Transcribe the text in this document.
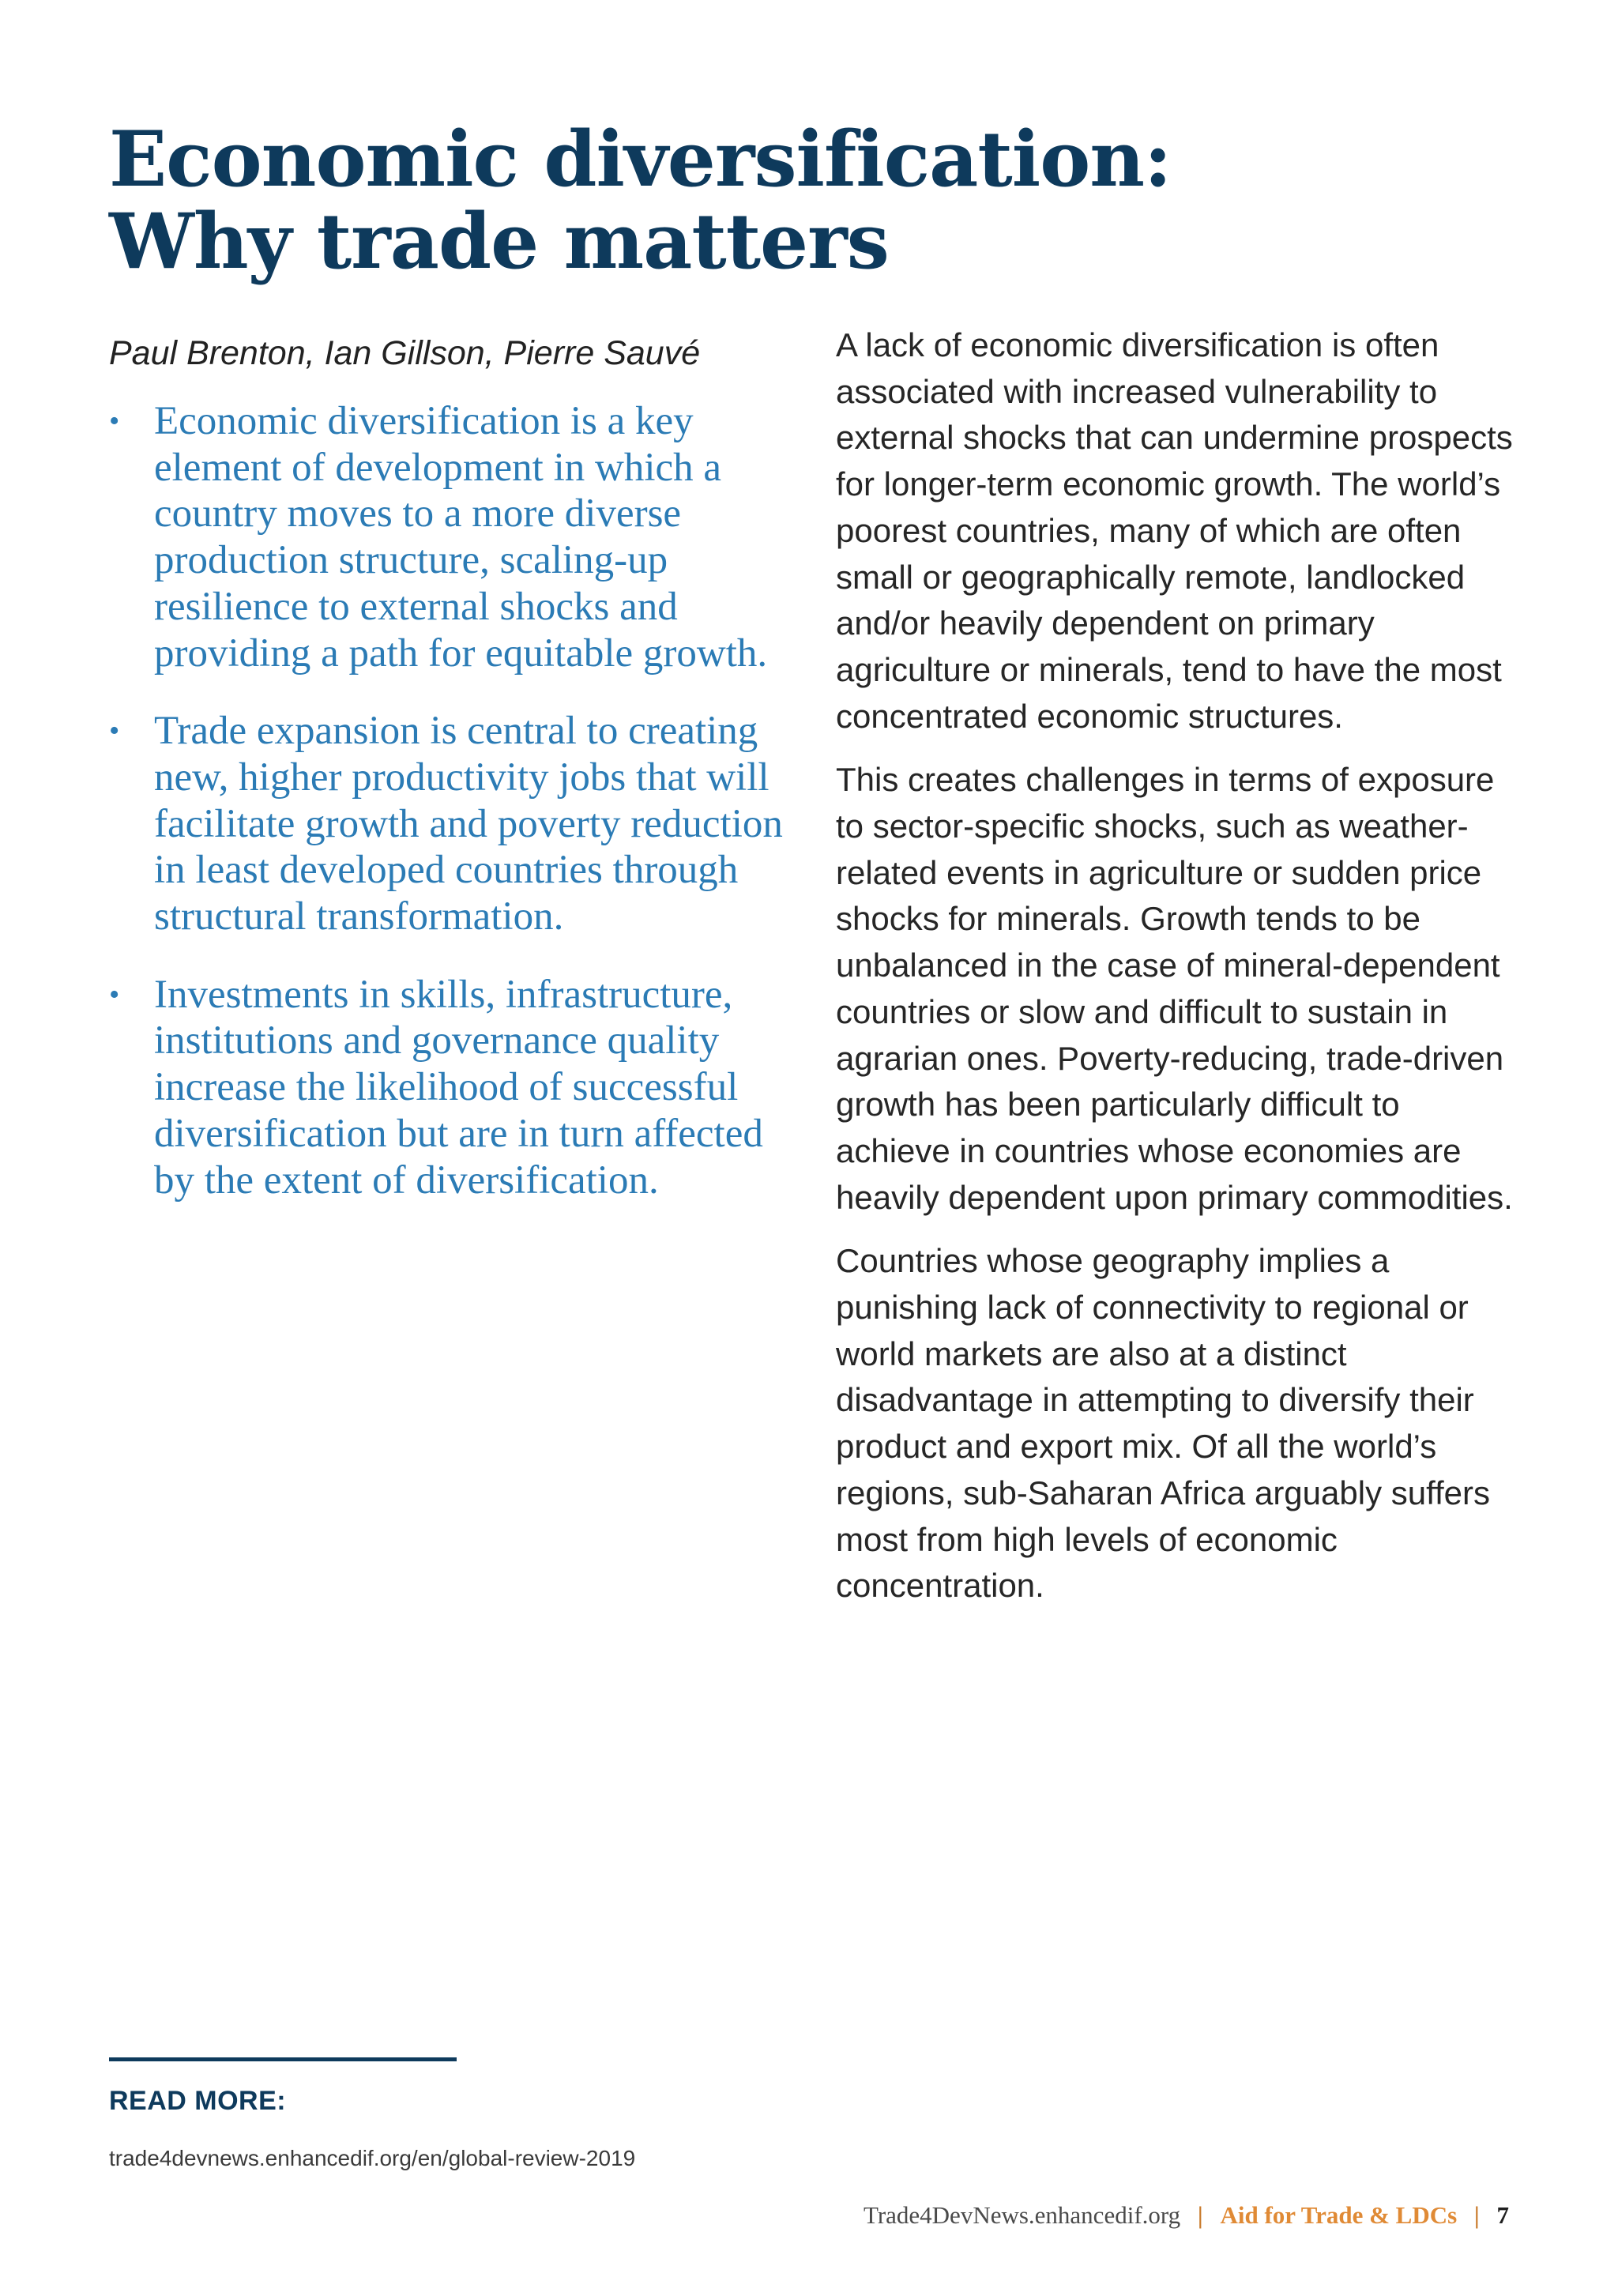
Economic diversification:
Why trade matters
Paul Brenton, Ian Gillson, Pierre Sauvé
• Economic diversification is a key element of development in which a country moves to a more diverse production structure, scaling-up resilience to external shocks and providing a path for equitable growth.
• Trade expansion is central to creating new, higher productivity jobs that will facilitate growth and poverty reduction in least developed countries through structural transformation.
• Investments in skills, infrastructure, institutions and governance quality increase the likelihood of successful diversification but are in turn affected by the extent of diversification.

A lack of economic diversification is often associated with increased vulnerability to external shocks that can undermine prospects for longer-term economic growth. The world’s poorest countries, many of which are often small or geographically remote, landlocked and/or heavily dependent on primary agriculture or minerals, tend to have the most concentrated economic structures.

This creates challenges in terms of exposure to sector-specific shocks, such as weather-related events in agriculture or sudden price shocks for minerals. Growth tends to be unbalanced in the case of mineral-dependent countries or slow and difficult to sustain in agrarian ones. Poverty-reducing, trade-driven growth has been particularly difficult to achieve in countries whose economies are heavily dependent upon primary commodities.

Countries whose geography implies a punishing lack of connectivity to regional or world markets are also at a distinct disadvantage in attempting to diversify their product and export mix. Of all the world’s regions, sub-Saharan Africa arguably suffers most from high levels of economic concentration.

READ MORE:
trade4devnews.enhancedif.org/en/global-review-2019
Trade4DevNews.enhancedif.org | Aid for Trade & LDCs | 7
